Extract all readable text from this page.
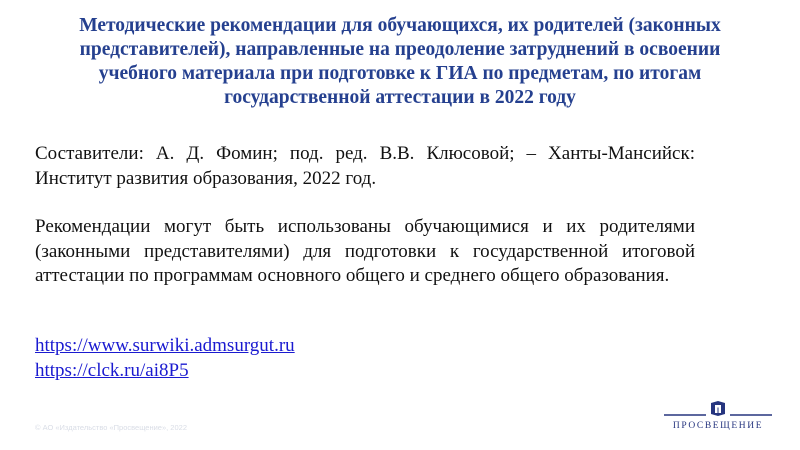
Методические рекомендации для обучающихся, их родителей (законных представителей), направленные на преодоление затруднений в освоении учебного материала при подготовке к ГИА по предметам, по итогам государственной аттестации в 2022 году

Составители: А. Д. Фомин; под. ред. В.В. Клюсовой; – Ханты-Мансийск: Институт развития образования, 2022 год.

Рекомендации могут быть использованы обучающимися и их родителями (законными представителями) для подготовки к государственной итоговой аттестации по программам основного общего и среднего общего образования.

https://www.surwiki.admsurgut.ru
https://clck.ru/ai8P5
© АО «Издательство «Просвещение», 2022	ПРОСВЕЩЕНИЕ
